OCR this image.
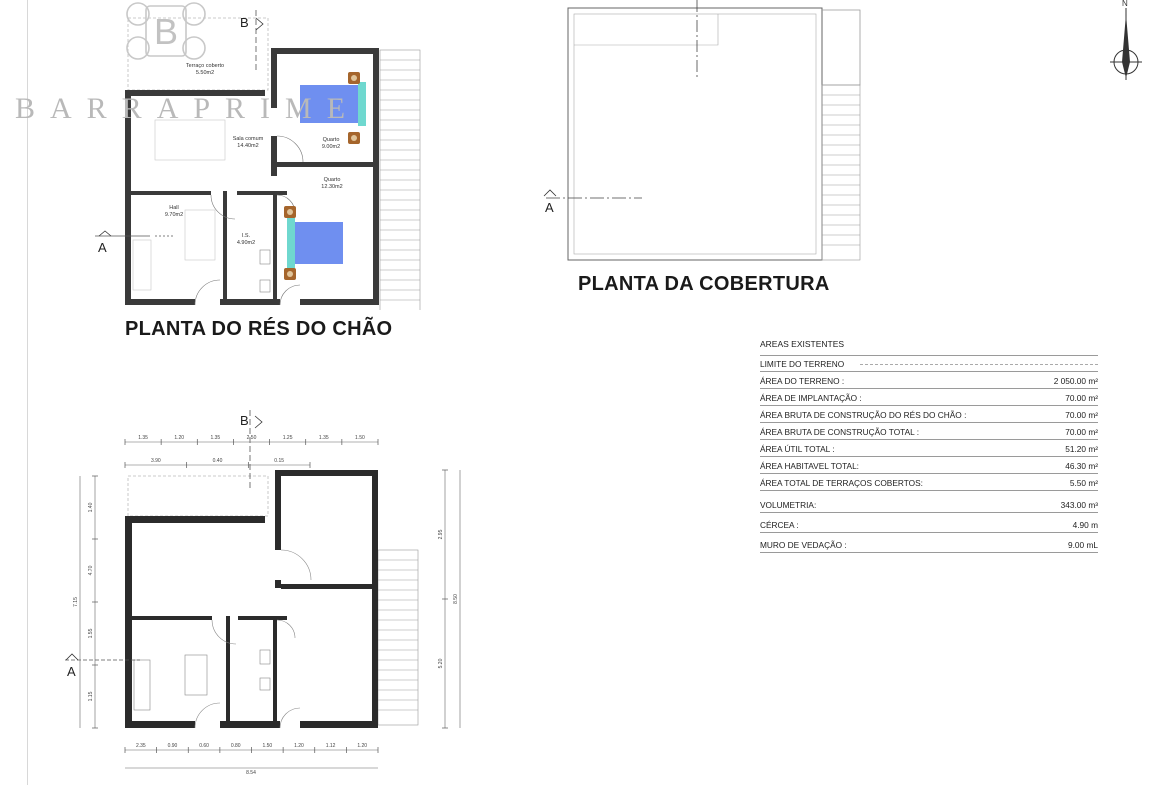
B
A
Terraço coberto
5.50m2
Sala comum
14.40m2
Quarto
9.00m2
Quarto
12.30m2
Hall
9.70m2
I.S.
4.90m2
PLANTA DO RÉS DO CHÃO
B
BARRAPRIME
A
PLANTA DA COBERTURA
N
AREAS EXISTENTES
LIMITE DO TERRENO
ÁREA DO TERRENO :	2 050.00 m²
ÁREA DE IMPLANTAÇÃO :	70.00 m²
ÁREA BRUTA DE CONSTRUÇÃO DO RÉS DO CHÃO :	70.00 m²
ÁREA BRUTA DE CONSTRUÇÃO TOTAL :	70.00 m²
ÁREA ÚTIL TOTAL :	51.20 m²
ÁREA HABITAVEL TOTAL:	46.30 m²
ÁREA TOTAL DE TERRAÇOS COBERTOS:	5.50 m²
VOLUMETRIA:	343.00 m³
CÉRCEA :	4.90 m
MURO DE VEDAÇÃO :	9.00 mL
1.35	1.20	1.35	2.50	1.25	1.35	1.50
3.90	0.40	0.15
2.35	0.90	0.60	0.80	1.50	1.20	1.12	1.20
8.54
1.40
4.70
1.55
1.15
7.15
2.95
5.20
8.50
B
A
